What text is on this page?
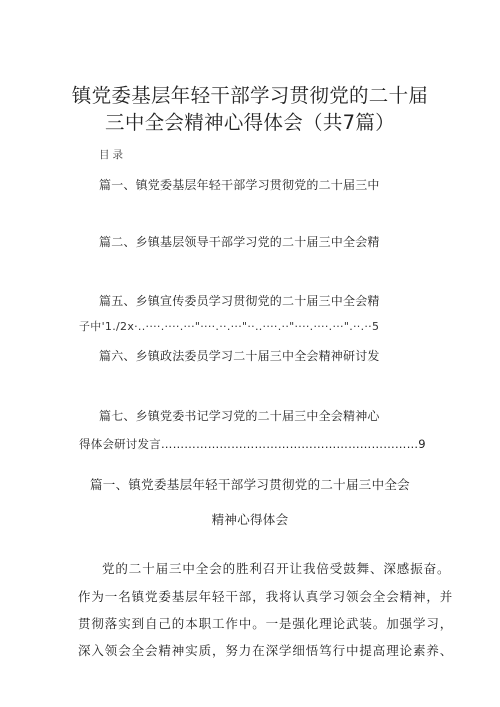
镇党委基层年轻干部学习贯彻党的二十届
三中全会精神心得体会（共7篇）
目录
篇一、镇党委基层年轻干部学习贯彻党的二十届三中
篇二、乡镇基层领导干部学习党的二十届三中全会精
篇五、乡镇宣传委员学习贯彻党的二十届三中全会精
子中'1./2x·..····.····.···"····.··.···"··..····.··"····.····.···".··.··5
篇六、乡镇政法委员学习二十届三中全会精神研讨发
篇七、乡镇党委书记学习党的二十届三中全会精神心
得体会研讨发言…………………………………………………………9
篇一、镇党委基层年轻干部学习贯彻党的二十届三中全会
精神心得体会
党的二十届三中全会的胜利召开让我倍受鼓舞、深感振奋。
作为一名镇党委基层年轻干部，我将认真学习领会全会精神，并
贯彻落实到自己的本职工作中。一是强化理论武装。加强学习，
深入领会全会精神实质，努力在深学细悟笃行中提高理论素养、
